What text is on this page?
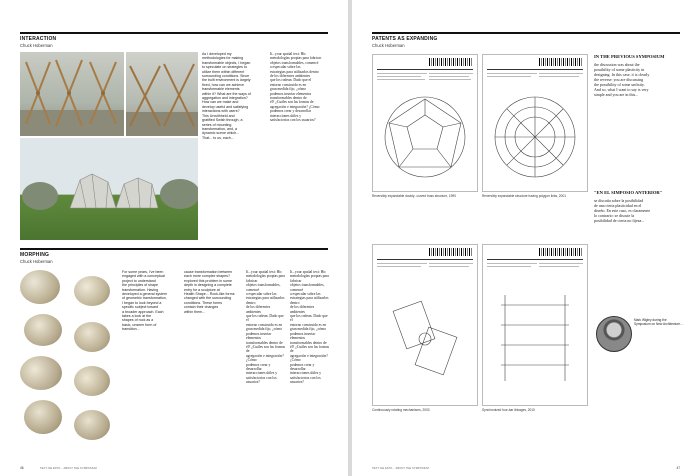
INTERACTION
Chuck Hoberman
As I developed my
methodologies for making
transformable objects, I began
to speculate on strategies to
utilize them within different
surrounding conditions. Since
the built environment is largely
fixed, how can we achieve
transformable elements
within it? What are the ways of
aggregation and integration?
How can we make and
develop useful and satisfying
interactions with users?
This Unwithheld and
gratified Swish through, a
series of mounting
transformation, and, a
dynamic scene which...
That... to us, each...
It...your spatial text: Hic
metodologías propias para fabricar
objetos transformables, comencé
a especular sobre las
estrategias para utilizarlos dentro
de los diferentes ambientes
que los rodean. Dado que el
entorno construido es en
gran medida fijo, ¿cómo
podemos insertar elementos
transformables dentro de
él? ¿Cuáles son las formas de
agregación e integración? ¿Cómo
podemos crear y desarrollar
interacciones útiles y
satisfactorias con los usuarios?
MORPHING
Chuck Hoberman
For some years, I've been
engaged with a conceptual
project to understand
the principles of shape
transformation. Having
developed a general system
of geometric transformation,
I began to look beyond a
specific subject toward
a broader approach. Each
takes a look at the
shapes of rock as a
basic, unseen form of
transition...
cause transformation between
each more complex shapes?
explored this problem in some
depth in designing a complete
entry for a sculpture at
Health Shape... Rock-like forms
changed with the surrounding
conditions. These forms
contain their changes
within them...
It...your spatial text: Hic
metodologías propias para fabricar
objetos transformables, comencé
a especular sobre las
estrategias para utilizarlos dentro
de los diferentes ambientes
que los rodean. Dado que el
entorno construido es en
gran medida fijo, ¿cómo
podemos insertar elementos
transformables dentro de
él? ¿Cuáles son las formas de
agregación e integración? ¿Cómo
podemos crear y desarrollar
interacciones útiles y
satisfactorias con los usuarios?
It...your spatial text: Hic
metodologías propias para fabricar
objetos transformables, comencé
a especular sobre las
estrategias para utilizarlos dentro
de los diferentes ambientes
que los rodean. Dado que el
entorno construido es en
gran medida fijo, ¿cómo
podemos insertar elementos
transformables dentro de
él? ¿Cuáles son las formas de
agregación e integración? ¿Cómo
podemos crear y desarrollar
interacciones útiles y
satisfactorias con los usuarios?
TEXT: DE ESTO... ABOUT THE SYMPOSIUM
46
PATENTS AS EXPANDING
Chuck Hoberman
Reversibly expandable doubly- curved truss structure, 1990	Reversibly expandable structure having polygon links, 2001
Continuously rotating mechanisms, 2003	Synchronized four-bar linkages, 2010
IN THE PREVIOUS SYMPOSIUM
the discussion was about the
possibility of some plasticity in
designing. In this case, it is clearly
the reverse: you are discussing
the possibility of some unfixity.
And so, what I want to say is very
simple and you are in this...
"EN EL SIMPOSIO ANTERIOR"
se discutía sobre la posibilidad
de una cierta plasticidad en el
diseño. En este caso, es claramente
lo contrario: se discute la
posibilidad de cierta no fijeza...
Mark Wigley during the Symposium on New Architecture...
TEXT: DE ESTO... ABOUT THE SYMPOSIUM	47
